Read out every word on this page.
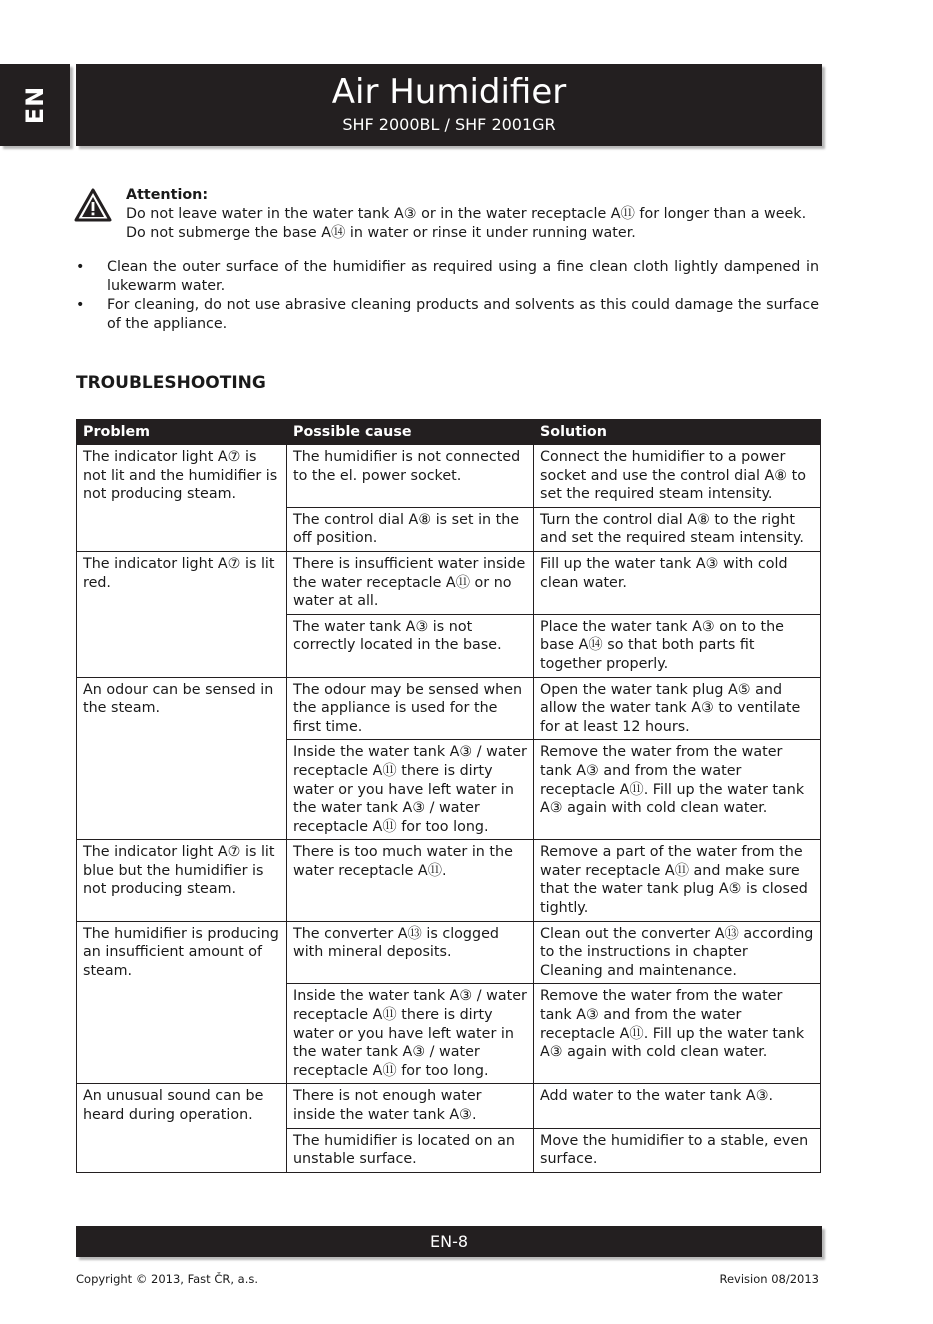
EN	Air Humidifier
SHF 2000BL / SHF 2001GR
Attention:
Do not leave water in the water tank A③ or in the water receptacle A⑪ for longer than a week.
Do not submerge the base A⑭ in water or rinse it under running water.
• Clean the outer surface of the humidifier as required using a fine clean cloth lightly dampened in lukewarm water.
• For cleaning, do not use abrasive cleaning products and solvents as this could damage the surface of the appliance.
TROUBLESHOOTING
Problem	Possible cause	Solution
The indicator light A⑦ is not lit and the humidifier is not producing steam.	The humidifier is not connected to the el. power socket.	Connect the humidifier to a power socket and use the control dial A⑧ to set the required steam intensity.
	The control dial A⑧ is set in the off position.	Turn the control dial A⑧ to the right and set the required steam intensity.
The indicator light A⑦ is lit red.	There is insufficient water inside the water receptacle A⑪ or no water at all.	Fill up the water tank A③ with cold clean water.
	The water tank A③ is not correctly located in the base.	Place the water tank A③ on to the base A⑭ so that both parts fit together properly.
An odour can be sensed in the steam.	The odour may be sensed when the appliance is used for the first time.	Open the water tank plug A⑤ and allow the water tank A③ to ventilate for at least 12 hours.
	Inside the water tank A③ / water receptacle A⑪ there is dirty water or you have left water in the water tank A③ / water receptacle A⑪ for too long.	Remove the water from the water tank A③ and from the water receptacle A⑪. Fill up the water tank A③ again with cold clean water.
The indicator light A⑦ is lit blue but the humidifier is not producing steam.	There is too much water in the water receptacle A⑪.	Remove a part of the water from the water receptacle A⑪ and make sure that the water tank plug A⑤ is closed tightly.
The humidifier is producing an insufficient amount of steam.	The converter A⑬ is clogged with mineral deposits.	Clean out the converter A⑬ according to the instructions in chapter Cleaning and maintenance.
	Inside the water tank A③ / water receptacle A⑪ there is dirty water or you have left water in the water tank A③ / water receptacle A⑪ for too long.	Remove the water from the water tank A③ and from the water receptacle A⑪. Fill up the water tank A③ again with cold clean water.
An unusual sound can be heard during operation.	There is not enough water inside the water tank A③.	Add water to the water tank A③.
	The humidifier is located on an unstable surface.	Move the humidifier to a stable, even surface.
EN-8
Copyright © 2013, Fast ČR, a.s.	Revision 08/2013
